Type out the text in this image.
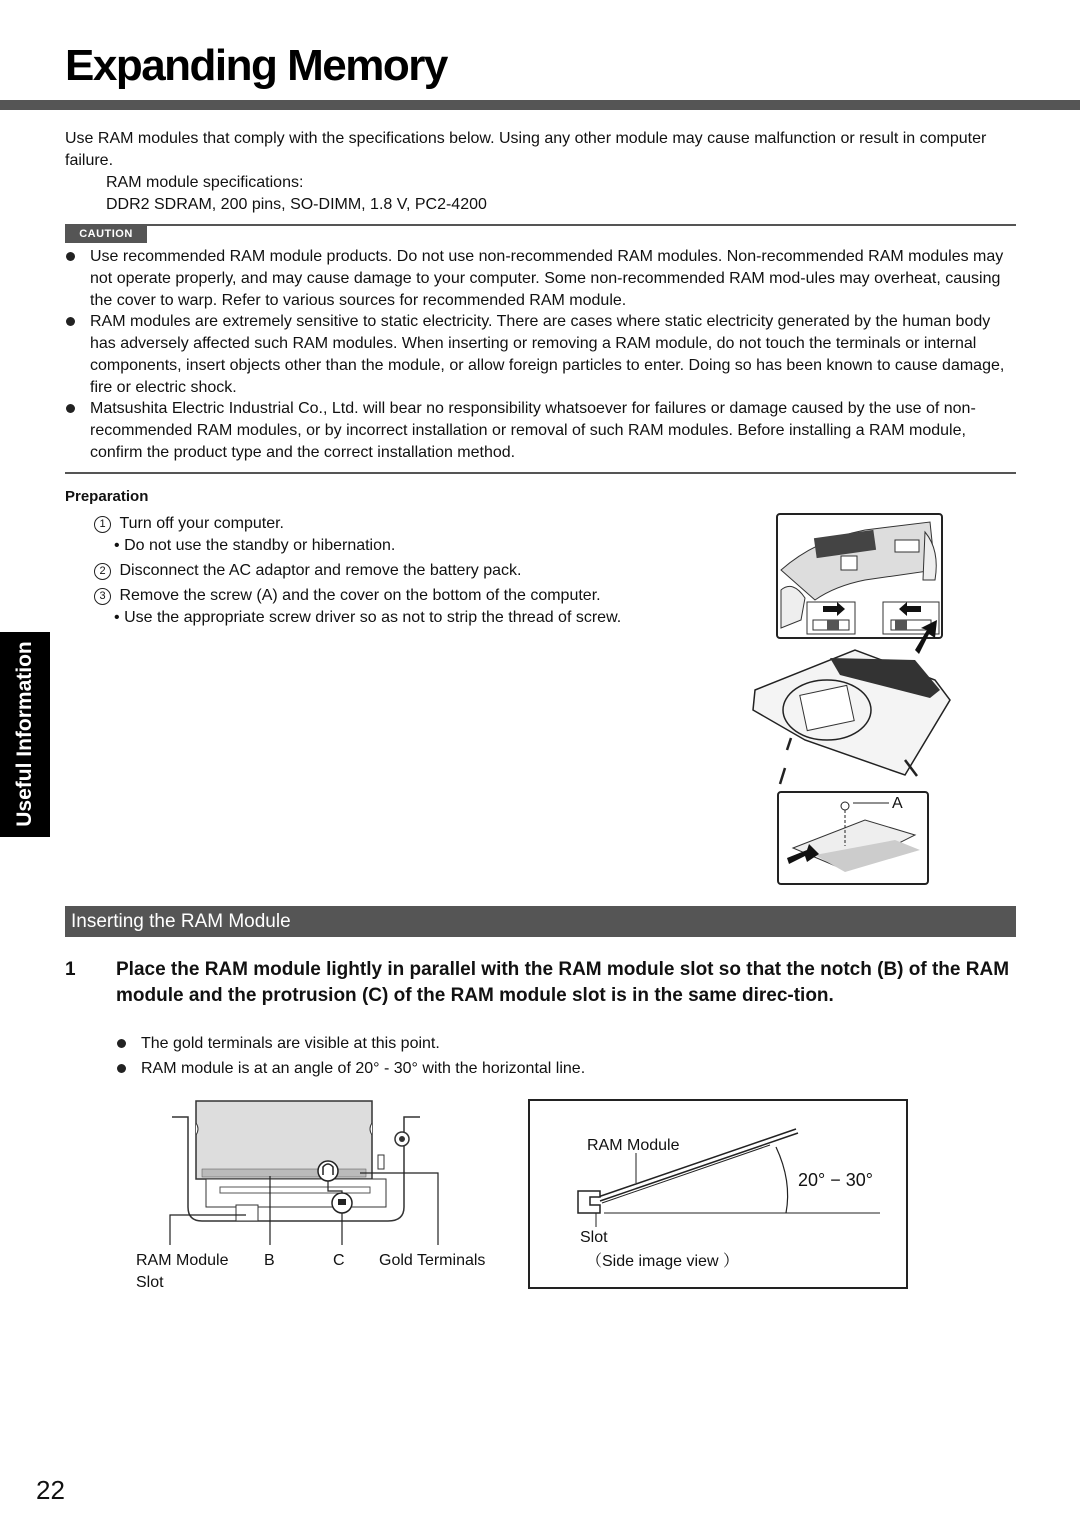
Expanding Memory
Use RAM modules that comply with the specifications below. Using any other module may cause malfunction or result in computer failure.
RAM module specifications:
DDR2 SDRAM, 200 pins, SO-DIMM, 1.8 V, PC2-4200
CAUTION
Use recommended RAM module products. Do not use non-recommended RAM modules. Non-recommended RAM modules may not operate properly, and may cause damage to your computer. Some non-recommended RAM mod-ules may overheat, causing the cover to warp. Refer to various sources for recommended RAM module.
RAM modules are extremely sensitive to static electricity. There are cases where static electricity generated by the human body has adversely affected such RAM modules. When inserting or removing a RAM module, do not touch the terminals or internal components, insert objects other than the module, or allow foreign particles to enter. Doing so has been known to cause damage, fire or electric shock.
Matsushita Electric Industrial Co., Ltd. will bear no responsibility whatsoever for failures or damage caused by the use of non-recommended RAM modules, or by incorrect installation or removal of such RAM modules. Before installing a RAM module, confirm the product type and the correct installation method.
Preparation
1 Turn off your computer.
• Do not use the standby or hibernation.
2 Disconnect the AC adaptor and remove the battery pack.
3 Remove the screw (A) and the cover on the bottom of the computer.
• Use the appropriate screw driver so as not to strip the thread of screw.
A
Useful Information
Inserting the RAM Module
1 Place the RAM module lightly in parallel with the RAM module slot so that the notch (B) of the RAM module and the protrusion (C) of the RAM module slot is in the same direc-tion.
The gold terminals are visible at this point.
RAM module is at an angle of 20° - 30° with the horizontal line.
RAM Module
Slot
B	C Gold Terminals
RAM Module
20° − 30°
Slot
（Side image view ）
22
